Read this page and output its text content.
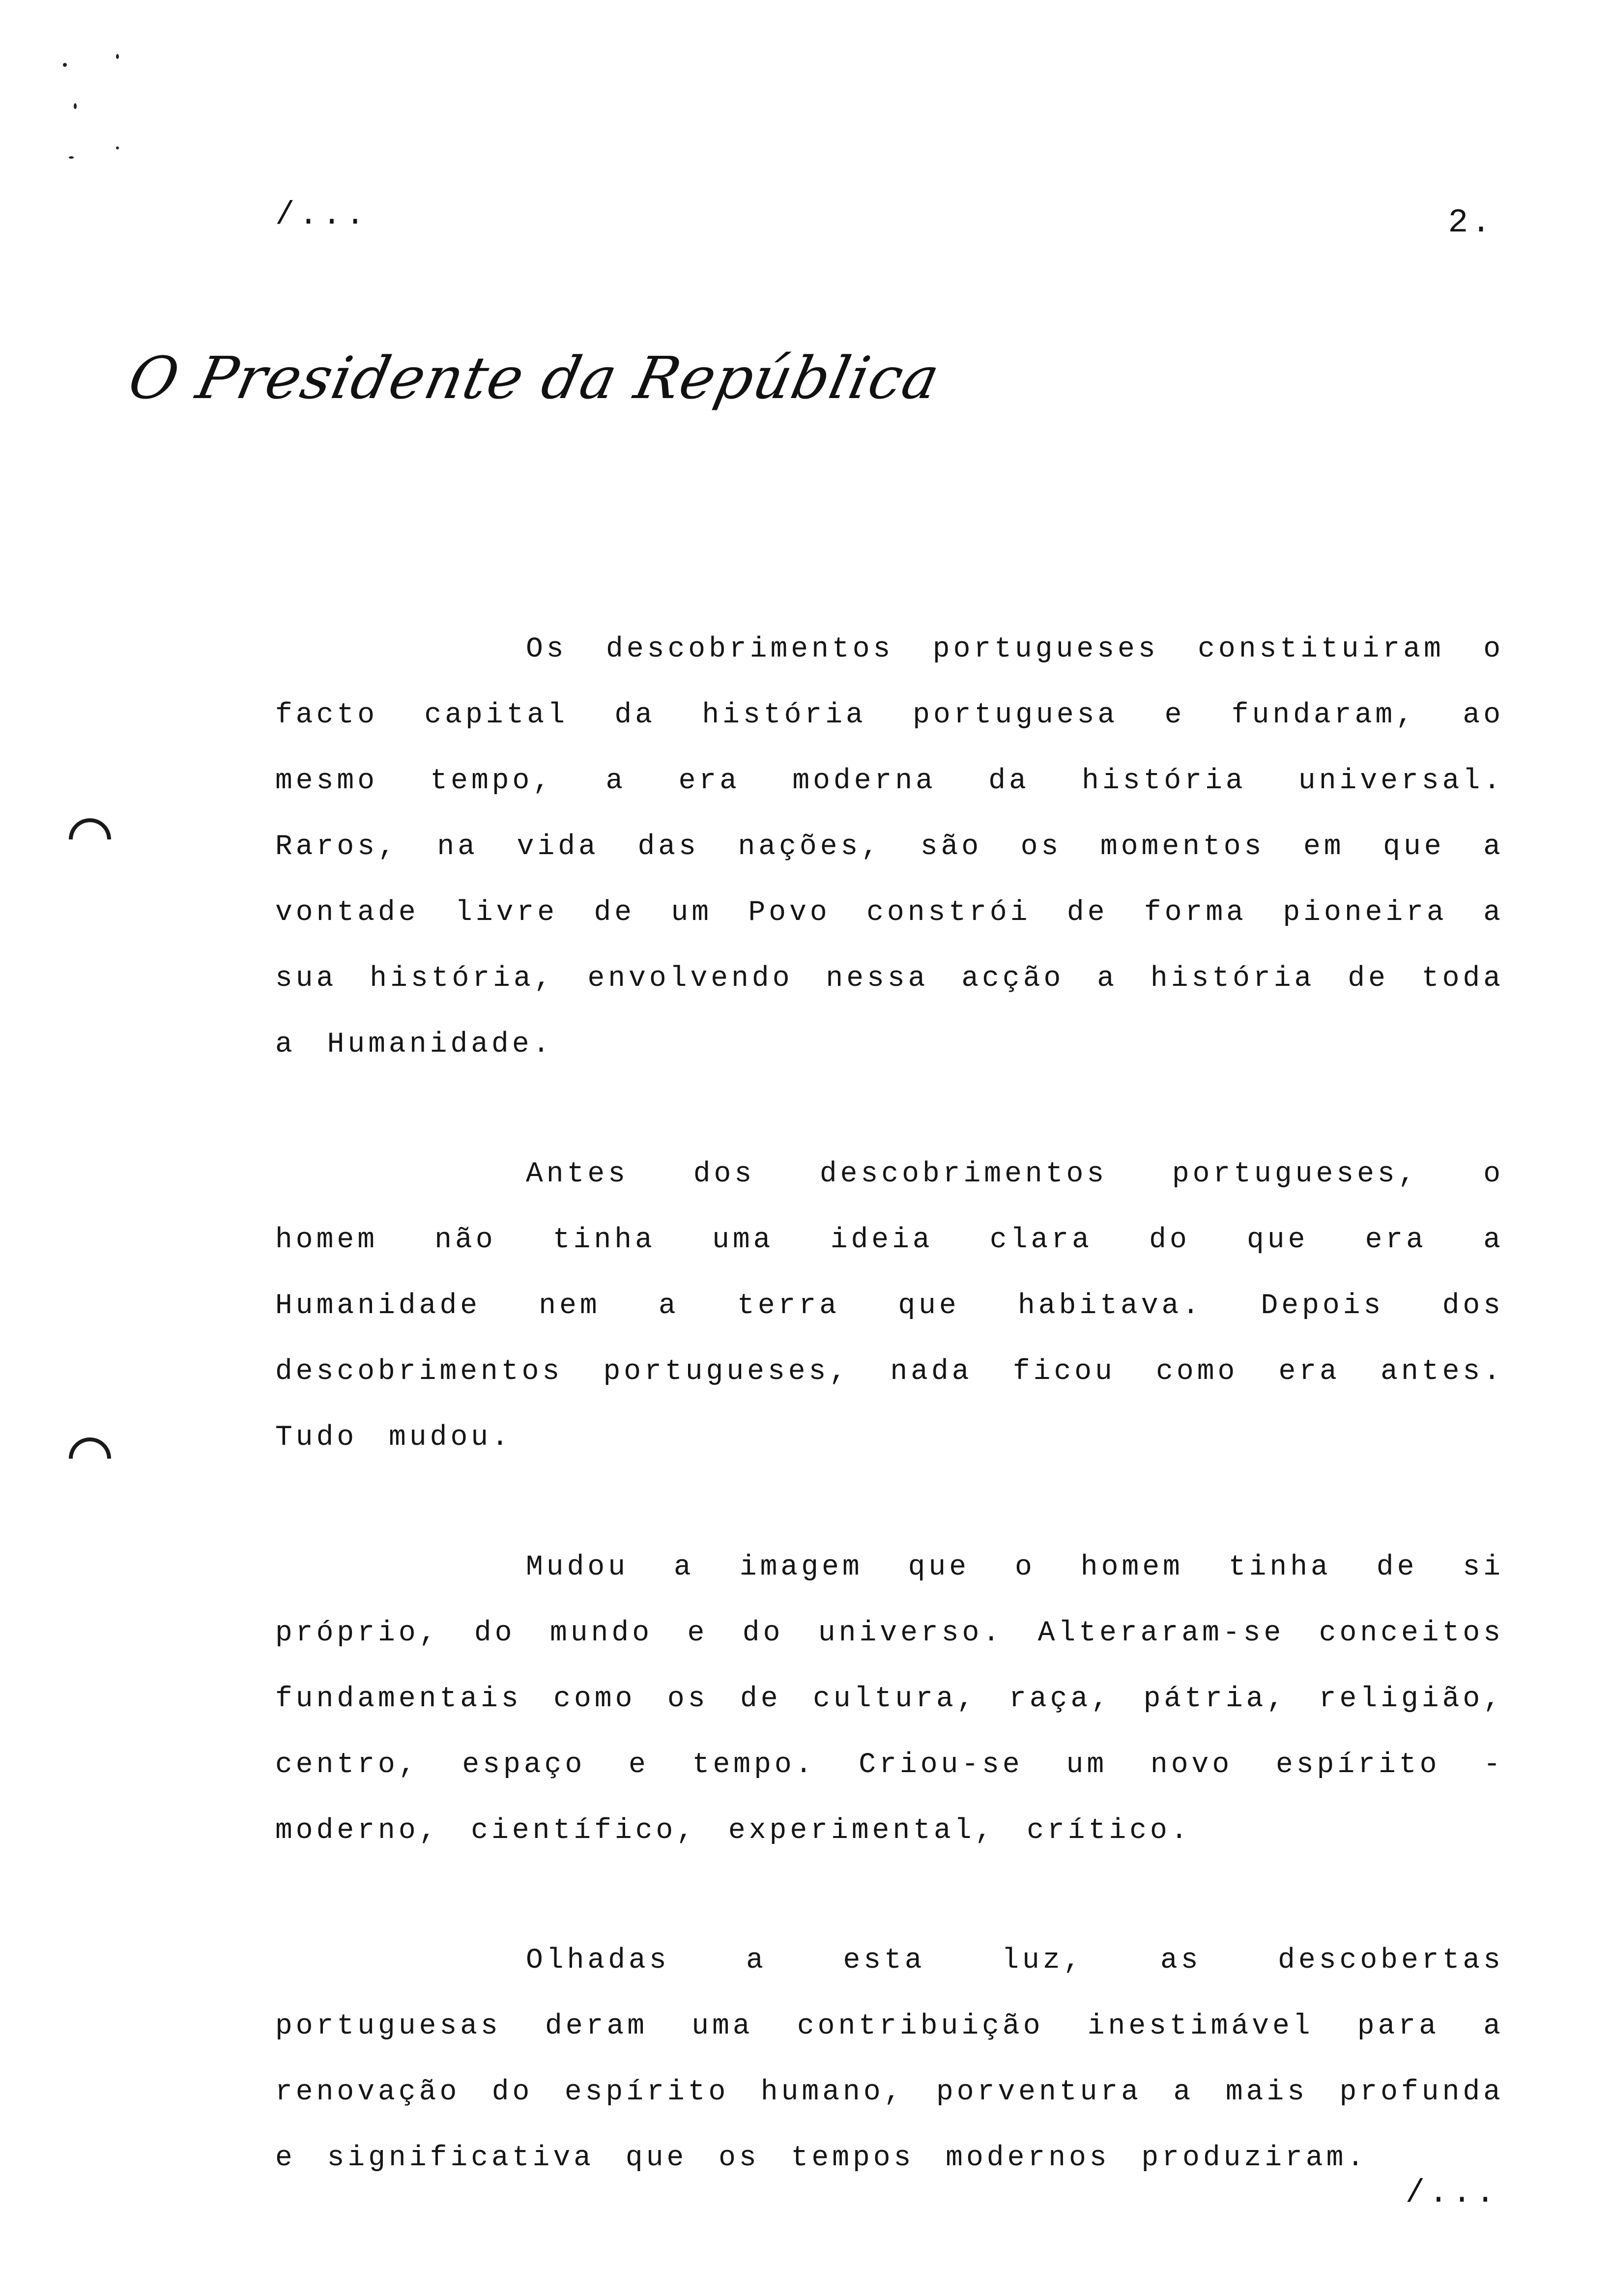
/...	2.
O Presidente da República

Os descobrimentos portugueses constituiram o facto capital da história portuguesa e fundaram, ao mesmo tempo, a era moderna da história universal. Raros, na vida das nações, são os momentos em que a vontade livre de um Povo constrói de forma pioneira a sua história, envolvendo nessa acção a história de toda a Humanidade.

Antes dos descobrimentos portugueses, o homem não tinha uma ideia clara do que era a Humanidade nem a terra que habitava. Depois dos descobrimentos portugueses, nada ficou como era antes. Tudo mudou.

Mudou a imagem que o homem tinha de si próprio, do mundo e do universo. Alteraram-se conceitos fundamentais como os de cultura, raça, pátria, religião, centro, espaço e tempo. Criou-se um novo espírito - moderno, científico, experimental, crítico.

Olhadas a esta luz, as descobertas portuguesas deram uma contribuição inestimável para a renovação do espírito humano, porventura a mais profunda e significativa que os tempos modernos produziram.

/...
